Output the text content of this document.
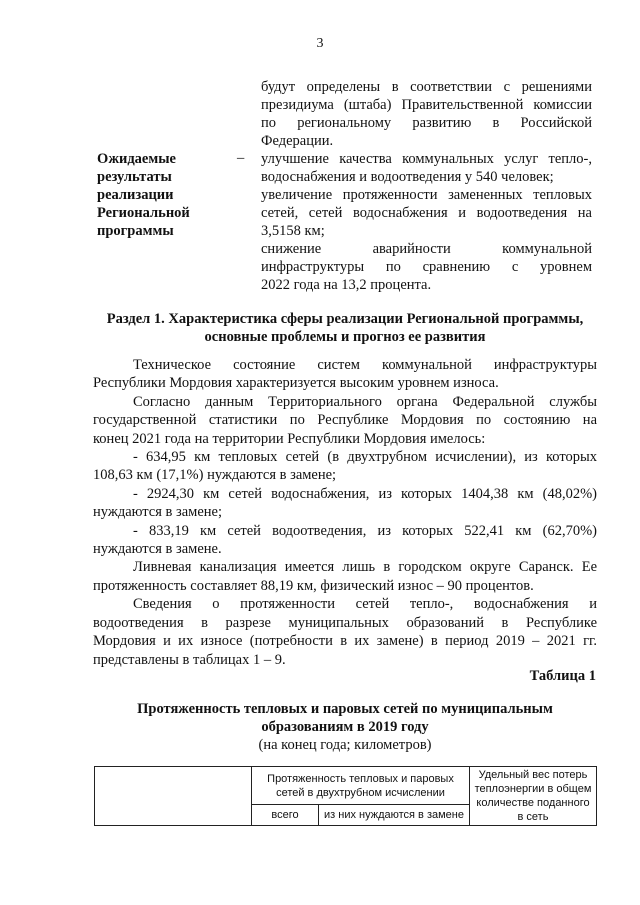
3
будут определены в соответствии с решениями
президиума (штаба) Правительственной комиссии
по региональному развитию в Российской
Федерации.
Ожидаемые
результаты
реализации
Региональной
программы
– улучшение качества коммунальных услуг тепло-,
водоснабжения и водоотведения у 540 человек;
увеличение протяженности замененных тепловых
сетей, сетей водоснабжения и водоотведения на
3,5158 км;
снижение аварийности коммунальной
инфраструктуры по сравнению с уровнем
2022 года на 13,2 процента.
Раздел 1. Характеристика сферы реализации Региональной программы,
основные проблемы и прогноз ее развития
Техническое состояние систем коммунальной инфраструктуры
Республики Мордовия характеризуется высоким уровнем износа.
Согласно данным Территориального органа Федеральной службы
государственной статистики по Республике Мордовия по состоянию на
конец 2021 года на территории Республики Мордовия имелось:
- 634,95 км тепловых сетей (в двухтрубном исчислении), из которых
108,63 км (17,1%) нуждаются в замене;
- 2924,30 км сетей водоснабжения, из которых 1404,38 км (48,02%)
нуждаются в замене;
- 833,19 км сетей водоотведения, из которых 522,41 км (62,70%)
нуждаются в замене.
Ливневая канализация имеется лишь в городском округе Саранск. Ее
протяженность составляет 88,19 км, физический износ – 90 процентов.
Сведения о протяженности сетей тепло-, водоснабжения и
водоотведения в разрезе муниципальных образований в Республике
Мордовия и их износе (потребности в их замене) в период 2019 – 2021 гг.
представлены в таблицах 1 – 9.
Таблица 1
Протяженность тепловых и паровых сетей по муниципальным
образованиям в 2019 году
(на конец года; километров)
	Протяженность тепловых и паровых сетей в двухтрубном исчислении		Удельный вес потерь теплоэнергии в общем количестве поданного в сеть
	всего	из них нуждаются в замене	
